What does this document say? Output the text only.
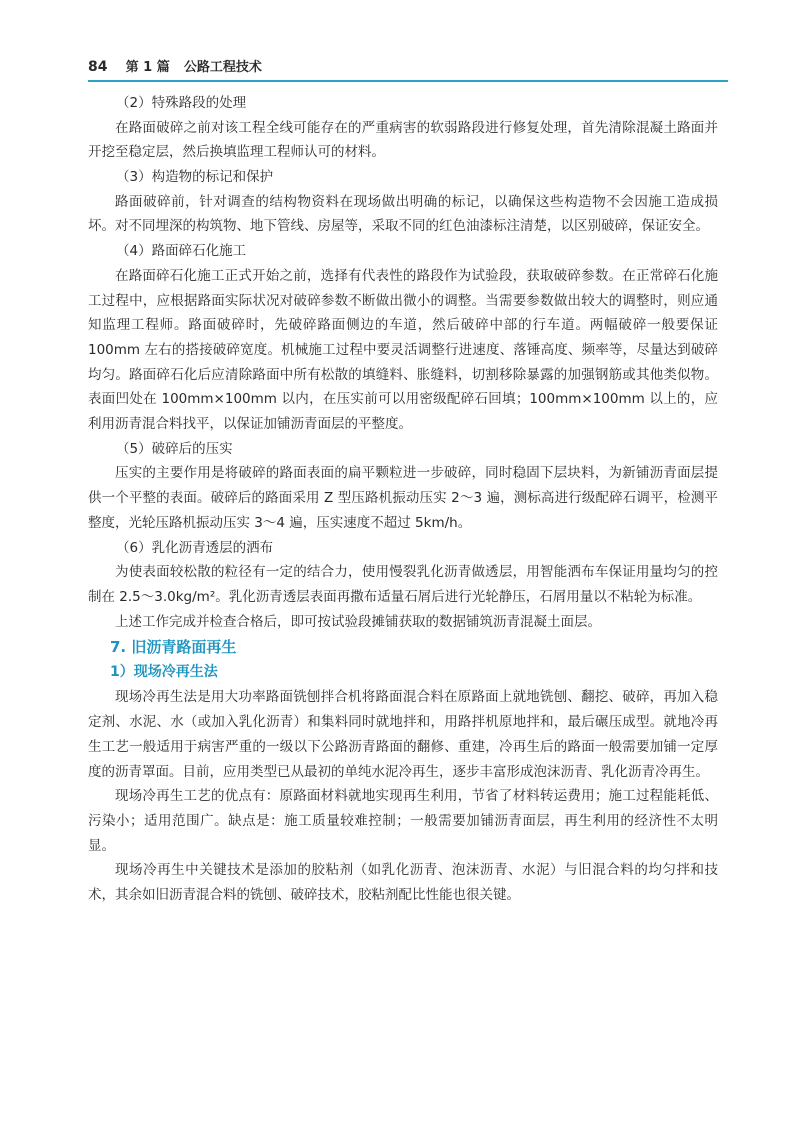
84 第 1 篇 公路工程技术
（2）特殊路段的处理
在路面破碎之前对该工程全线可能存在的严重病害的软弱路段进行修复处理，首先清除混凝土路面并开挖至稳定层，然后换填监理工程师认可的材料。
（3）构造物的标记和保护
路面破碎前，针对调查的结构物资料在现场做出明确的标记，以确保这些构造物不会因施工造成损坏。对不同埋深的构筑物、地下管线、房屋等，采取不同的红色油漆标注清楚，以区别破碎，保证安全。
（4）路面碎石化施工
在路面碎石化施工正式开始之前，选择有代表性的路段作为试验段，获取破碎参数。在正常碎石化施工过程中，应根据路面实际状况对破碎参数不断做出微小的调整。当需要参数做出较大的调整时，则应通知监理工程师。路面破碎时，先破碎路面侧边的车道，然后破碎中部的行车道。两幅破碎一般要保证 100mm 左右的搭接破碎宽度。机械施工过程中要灵活调整行进速度、落锤高度、频率等，尽量达到破碎均匀。路面碎石化后应清除路面中所有松散的填缝料、胀缝料，切割移除暴露的加强钢筋或其他类似物。表面凹处在 100mm×100mm 以内，在压实前可以用密级配碎石回填；100mm×100mm 以上的，应利用沥青混合料找平，以保证加铺沥青面层的平整度。
（5）破碎后的压实
压实的主要作用是将破碎的路面表面的扁平颗粒进一步破碎，同时稳固下层块料，为新铺沥青面层提供一个平整的表面。破碎后的路面采用 Z 型压路机振动压实 2～3 遍，测标高进行级配碎石调平，检测平整度，光轮压路机振动压实 3～4 遍，压实速度不超过 5km/h。
（6）乳化沥青透层的洒布
为使表面较松散的粒径有一定的结合力，使用慢裂乳化沥青做透层，用智能洒布车保证用量均匀的控制在 2.5～3.0kg/m²。乳化沥青透层表面再撒布适量石屑后进行光轮静压，石屑用量以不粘轮为标准。
上述工作完成并检查合格后，即可按试验段摊铺获取的数据铺筑沥青混凝土面层。
7. 旧沥青路面再生
1）现场冷再生法
现场冷再生法是用大功率路面铣刨拌合机将路面混合料在原路面上就地铣刨、翻挖、破碎，再加入稳定剂、水泥、水（或加入乳化沥青）和集料同时就地拌和，用路拌机原地拌和，最后碾压成型。就地冷再生工艺一般适用于病害严重的一级以下公路沥青路面的翻修、重建，冷再生后的路面一般需要加铺一定厚度的沥青罩面。目前，应用类型已从最初的单纯水泥冷再生，逐步丰富形成泡沫沥青、乳化沥青冷再生。
现场冷再生工艺的优点有：原路面材料就地实现再生利用，节省了材料转运费用；施工过程能耗低、污染小；适用范围广。缺点是：施工质量较难控制；一般需要加铺沥青面层，再生利用的经济性不太明显。
现场冷再生中关键技术是添加的胶粘剂（如乳化沥青、泡沫沥青、水泥）与旧混合料的均匀拌和技术，其余如旧沥青混合料的铣刨、破碎技术，胶粘剂配比性能也很关键。
